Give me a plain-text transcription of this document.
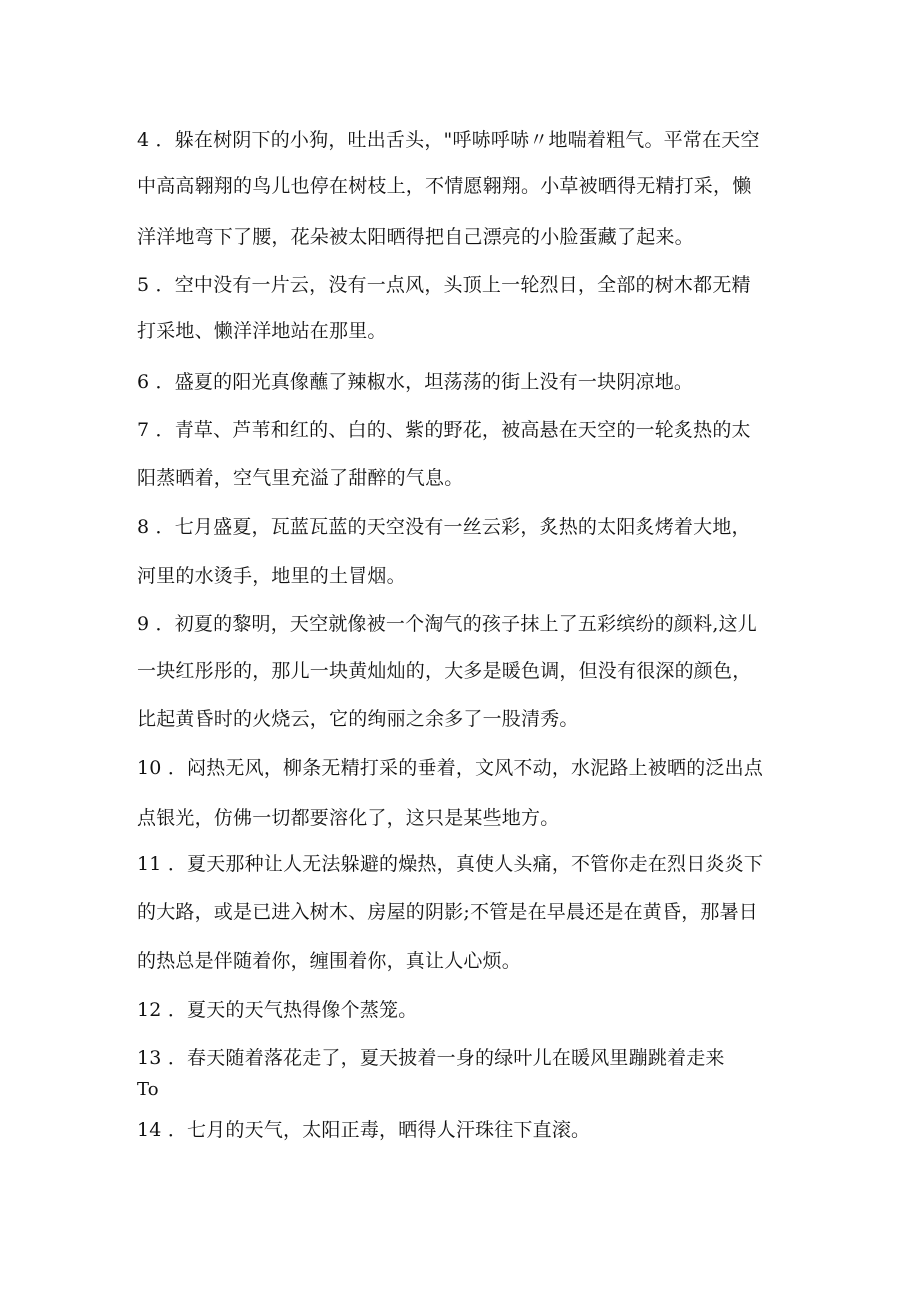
4 ．躲在树阴下的小狗，吐出舌头，"呼哧呼哧〃地喘着粗气。平常在天空
中高高翱翔的鸟儿也停在树枝上，不情愿翱翔。小草被晒得无精打采，懒
洋洋地弯下了腰，花朵被太阳晒得把自己漂亮的小脸蛋藏了起来。
5 ．空中没有一片云，没有一点风，头顶上一轮烈日，全部的树木都无精
打采地、懒洋洋地站在那里。
6 ．盛夏的阳光真像蘸了辣椒水，坦荡荡的街上没有一块阴凉地。
7 ．青草、芦苇和红的、白的、紫的野花，被高悬在天空的一轮炙热的太
阳蒸晒着，空气里充溢了甜醉的气息。
8 ．七月盛夏，瓦蓝瓦蓝的天空没有一丝云彩，炙热的太阳炙烤着大地，
河里的水烫手，地里的土冒烟。
9 ．初夏的黎明，天空就像被一个淘气的孩子抹上了五彩缤纷的颜料,这儿
一块红彤彤的，那儿一块黄灿灿的，大多是暖色调，但没有很深的颜色，
比起黄昏时的火烧云，它的绚丽之余多了一股清秀。
10 ．闷热无风，柳条无精打采的垂着，文风不动，水泥路上被晒的泛出点
点银光，仿佛一切都要溶化了，这只是某些地方。
11 ．夏天那种让人无法躲避的燥热，真使人头痛，不管你走在烈日炎炎下
的大路，或是已进入树木、房屋的阴影;不管是在早晨还是在黄昏，那暑日
的热总是伴随着你，缠围着你，真让人心烦。
12 ．夏天的天气热得像个蒸笼。
13 ．春天随着落花走了，夏天披着一身的绿叶儿在暖风里蹦跳着走来
To
14 ．七月的天气，太阳正毒，晒得人汗珠往下直滚。
